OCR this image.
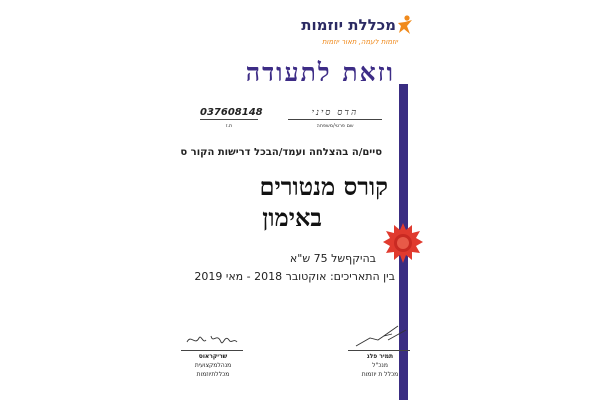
מכללת יוזמות
יוזמות לעמה, תאור יוזמות
וזאת לתעודה
הדס סיני
שם פרטי/משפחה
037608148
ת.ז
סיים/ה בהצלחה ועמד/הבכל דרישות הקור ס
קורס מנטורים
באימון
בהיקףשל 75 ש"א
בין התאריכים: אוקטובר 2018 - מאי 2019
שריקראוס
מנהלמקצועית
מכללתיוזמות
תמיר פלג
מנכ"ל
מכלל ת יוזמות
